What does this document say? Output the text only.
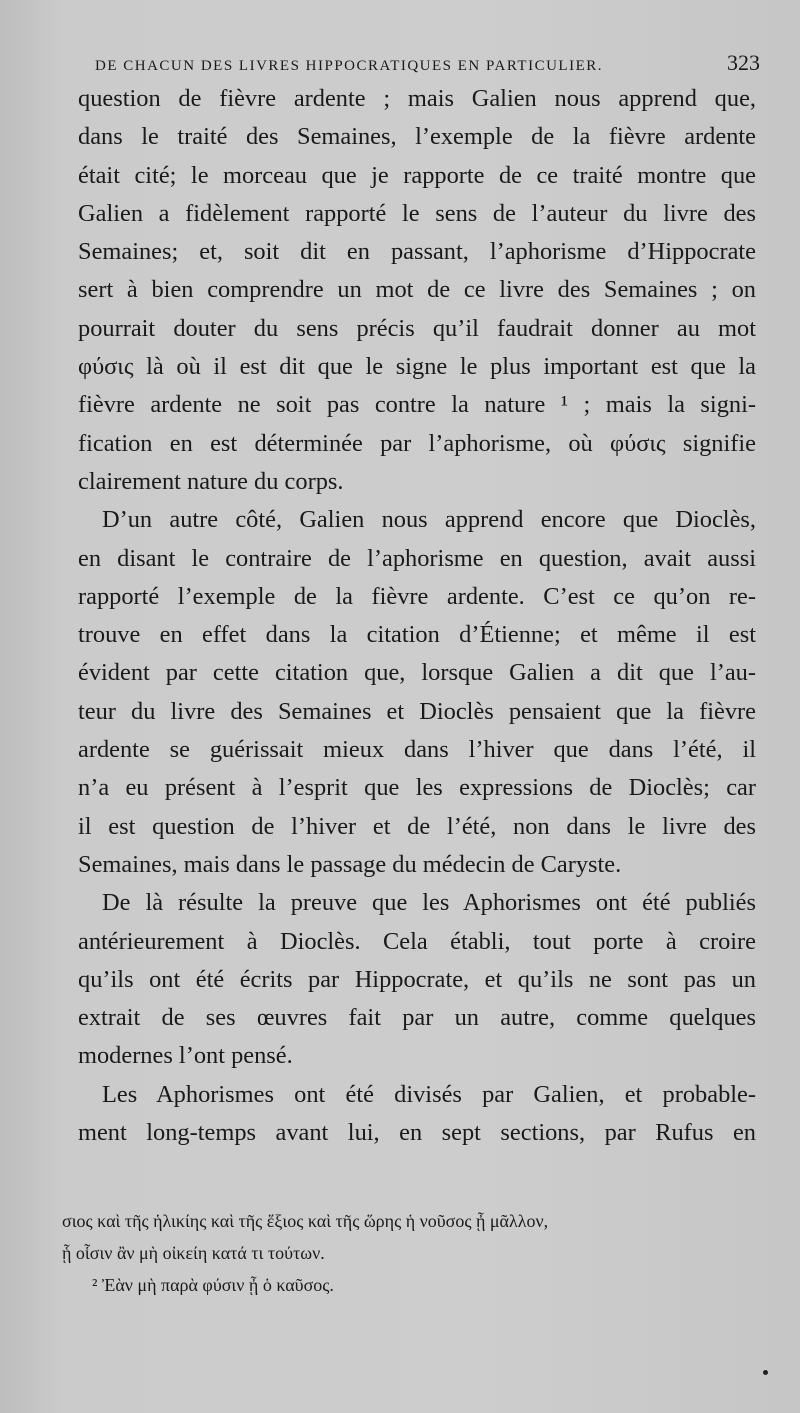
DE CHACUN DES LIVRES HIPPOCRATIQUES EN PARTICULIER.	323
question de fièvre ardente ; mais Galien nous apprend que,
dans le traité des Semaines, l’exemple de la fièvre ardente
était cité; le morceau que je rapporte de ce traité montre que
Galien a fidèlement rapporté le sens de l’auteur du livre des
Semaines; et, soit dit en passant, l’aphorisme d’Hippocrate
sert à bien comprendre un mot de ce livre des Semaines ; on
pourrait douter du sens précis qu’il faudrait donner au mot
φύσις là où il est dit que le signe le plus important est que la
fièvre ardente ne soit pas contre la nature ¹ ; mais la signi-
fication en est déterminée par l’aphorisme, où φύσις signifie
clairement nature du corps.
D’un autre côté, Galien nous apprend encore que Dioclès,
en disant le contraire de l’aphorisme en question, avait aussi
rapporté l’exemple de la fièvre ardente. C’est ce qu’on re-
trouve en effet dans la citation d’Étienne; et même il est
évident par cette citation que, lorsque Galien a dit que l’au-
teur du livre des Semaines et Dioclès pensaient que la fièvre
ardente se guérissait mieux dans l’hiver que dans l’été, il
n’a eu présent à l’esprit que les expressions de Dioclès; car
il est question de l’hiver et de l’été, non dans le livre des
Semaines, mais dans le passage du médecin de Caryste.
De là résulte la preuve que les Aphorismes ont été publiés
antérieurement à Dioclès. Cela établi, tout porte à croire
qu’ils ont été écrits par Hippocrate, et qu’ils ne sont pas un
extrait de ses œuvres fait par un autre, comme quelques
modernes l’ont pensé.
Les Aphorismes ont été divisés par Galien, et probable-
ment long-temps avant lui, en sept sections, par Rufus en
σιος καὶ τῆς ἡλικίης καὶ τῆς ἕξιος καὶ τῆς ὥρης ἡ νοῦσος ᾖ μᾶλλον,
ᾗ οἷσιν ἂν μὴ οἰκείη κατά τι τούτων.
² Ἐὰν μὴ παρὰ φύσιν ᾖ ὁ καῦσος.
